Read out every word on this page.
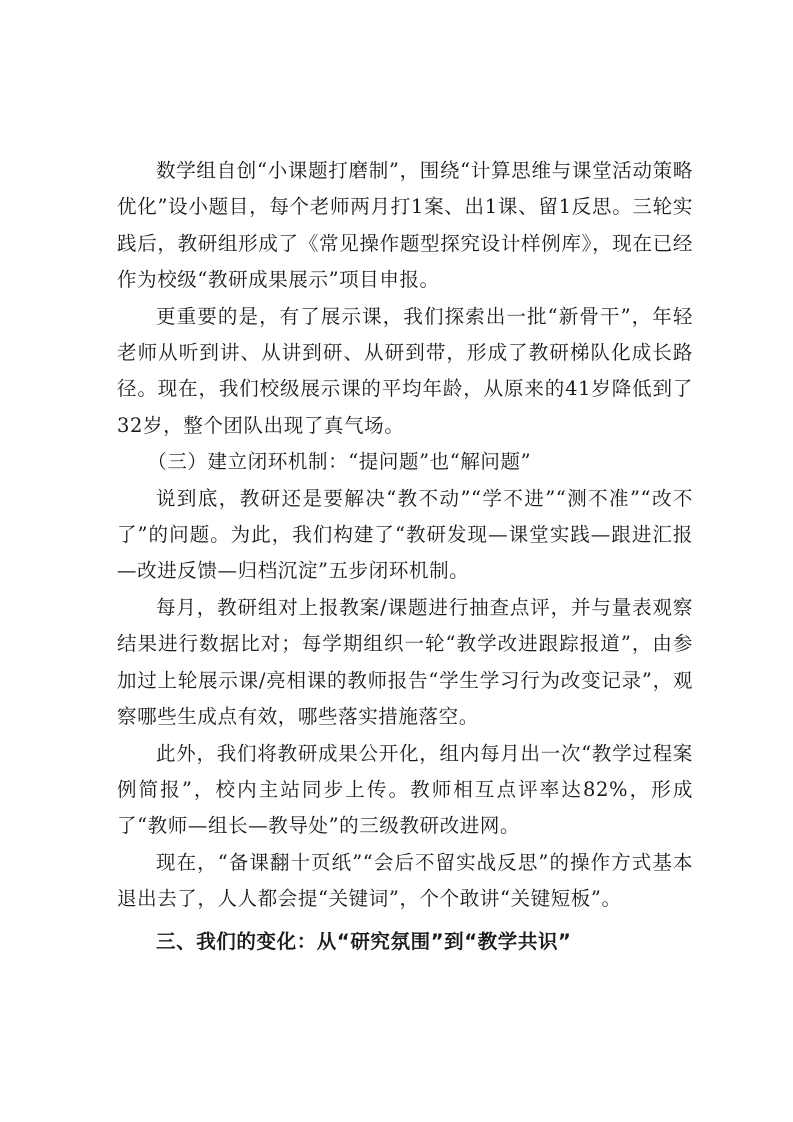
数学组自创“小课题打磨制”，围绕“计算思维与课堂活动策略优化”设小题目，每个老师两月打1案、出1课、留1反思。三轮实践后，教研组形成了《常见操作题型探究设计样例库》，现在已经作为校级“教研成果展示”项目申报。

更重要的是，有了展示课，我们探索出一批“新骨干”，年轻老师从听到讲、从讲到研、从研到带，形成了教研梯队化成长路径。现在，我们校级展示课的平均年龄，从原来的41岁降低到了32岁，整个团队出现了真气场。

（三）建立闭环机制：“提问题”也“解问题”

说到底，教研还是要解决“教不动”“学不进”“测不准”“改不了”的问题。为此，我们构建了“教研发现—课堂实践—跟进汇报—改进反馈—归档沉淀”五步闭环机制。

每月，教研组对上报教案/课题进行抽查点评，并与量表观察结果进行数据比对；每学期组织一轮“教学改进跟踪报道”，由参加过上轮展示课/亮相课的教师报告“学生学习行为改变记录”，观察哪些生成点有效，哪些落实措施落空。

此外，我们将教研成果公开化，组内每月出一次“教学过程案例简报”，校内主站同步上传。教师相互点评率达82%，形成了“教师—组长—教导处”的三级教研改进网。

现在，“备课翻十页纸”“会后不留实战反思”的操作方式基本退出去了，人人都会提“关键词”，个个敢讲“关键短板”。

三、我们的变化：从“研究氛围”到“教学共识”
